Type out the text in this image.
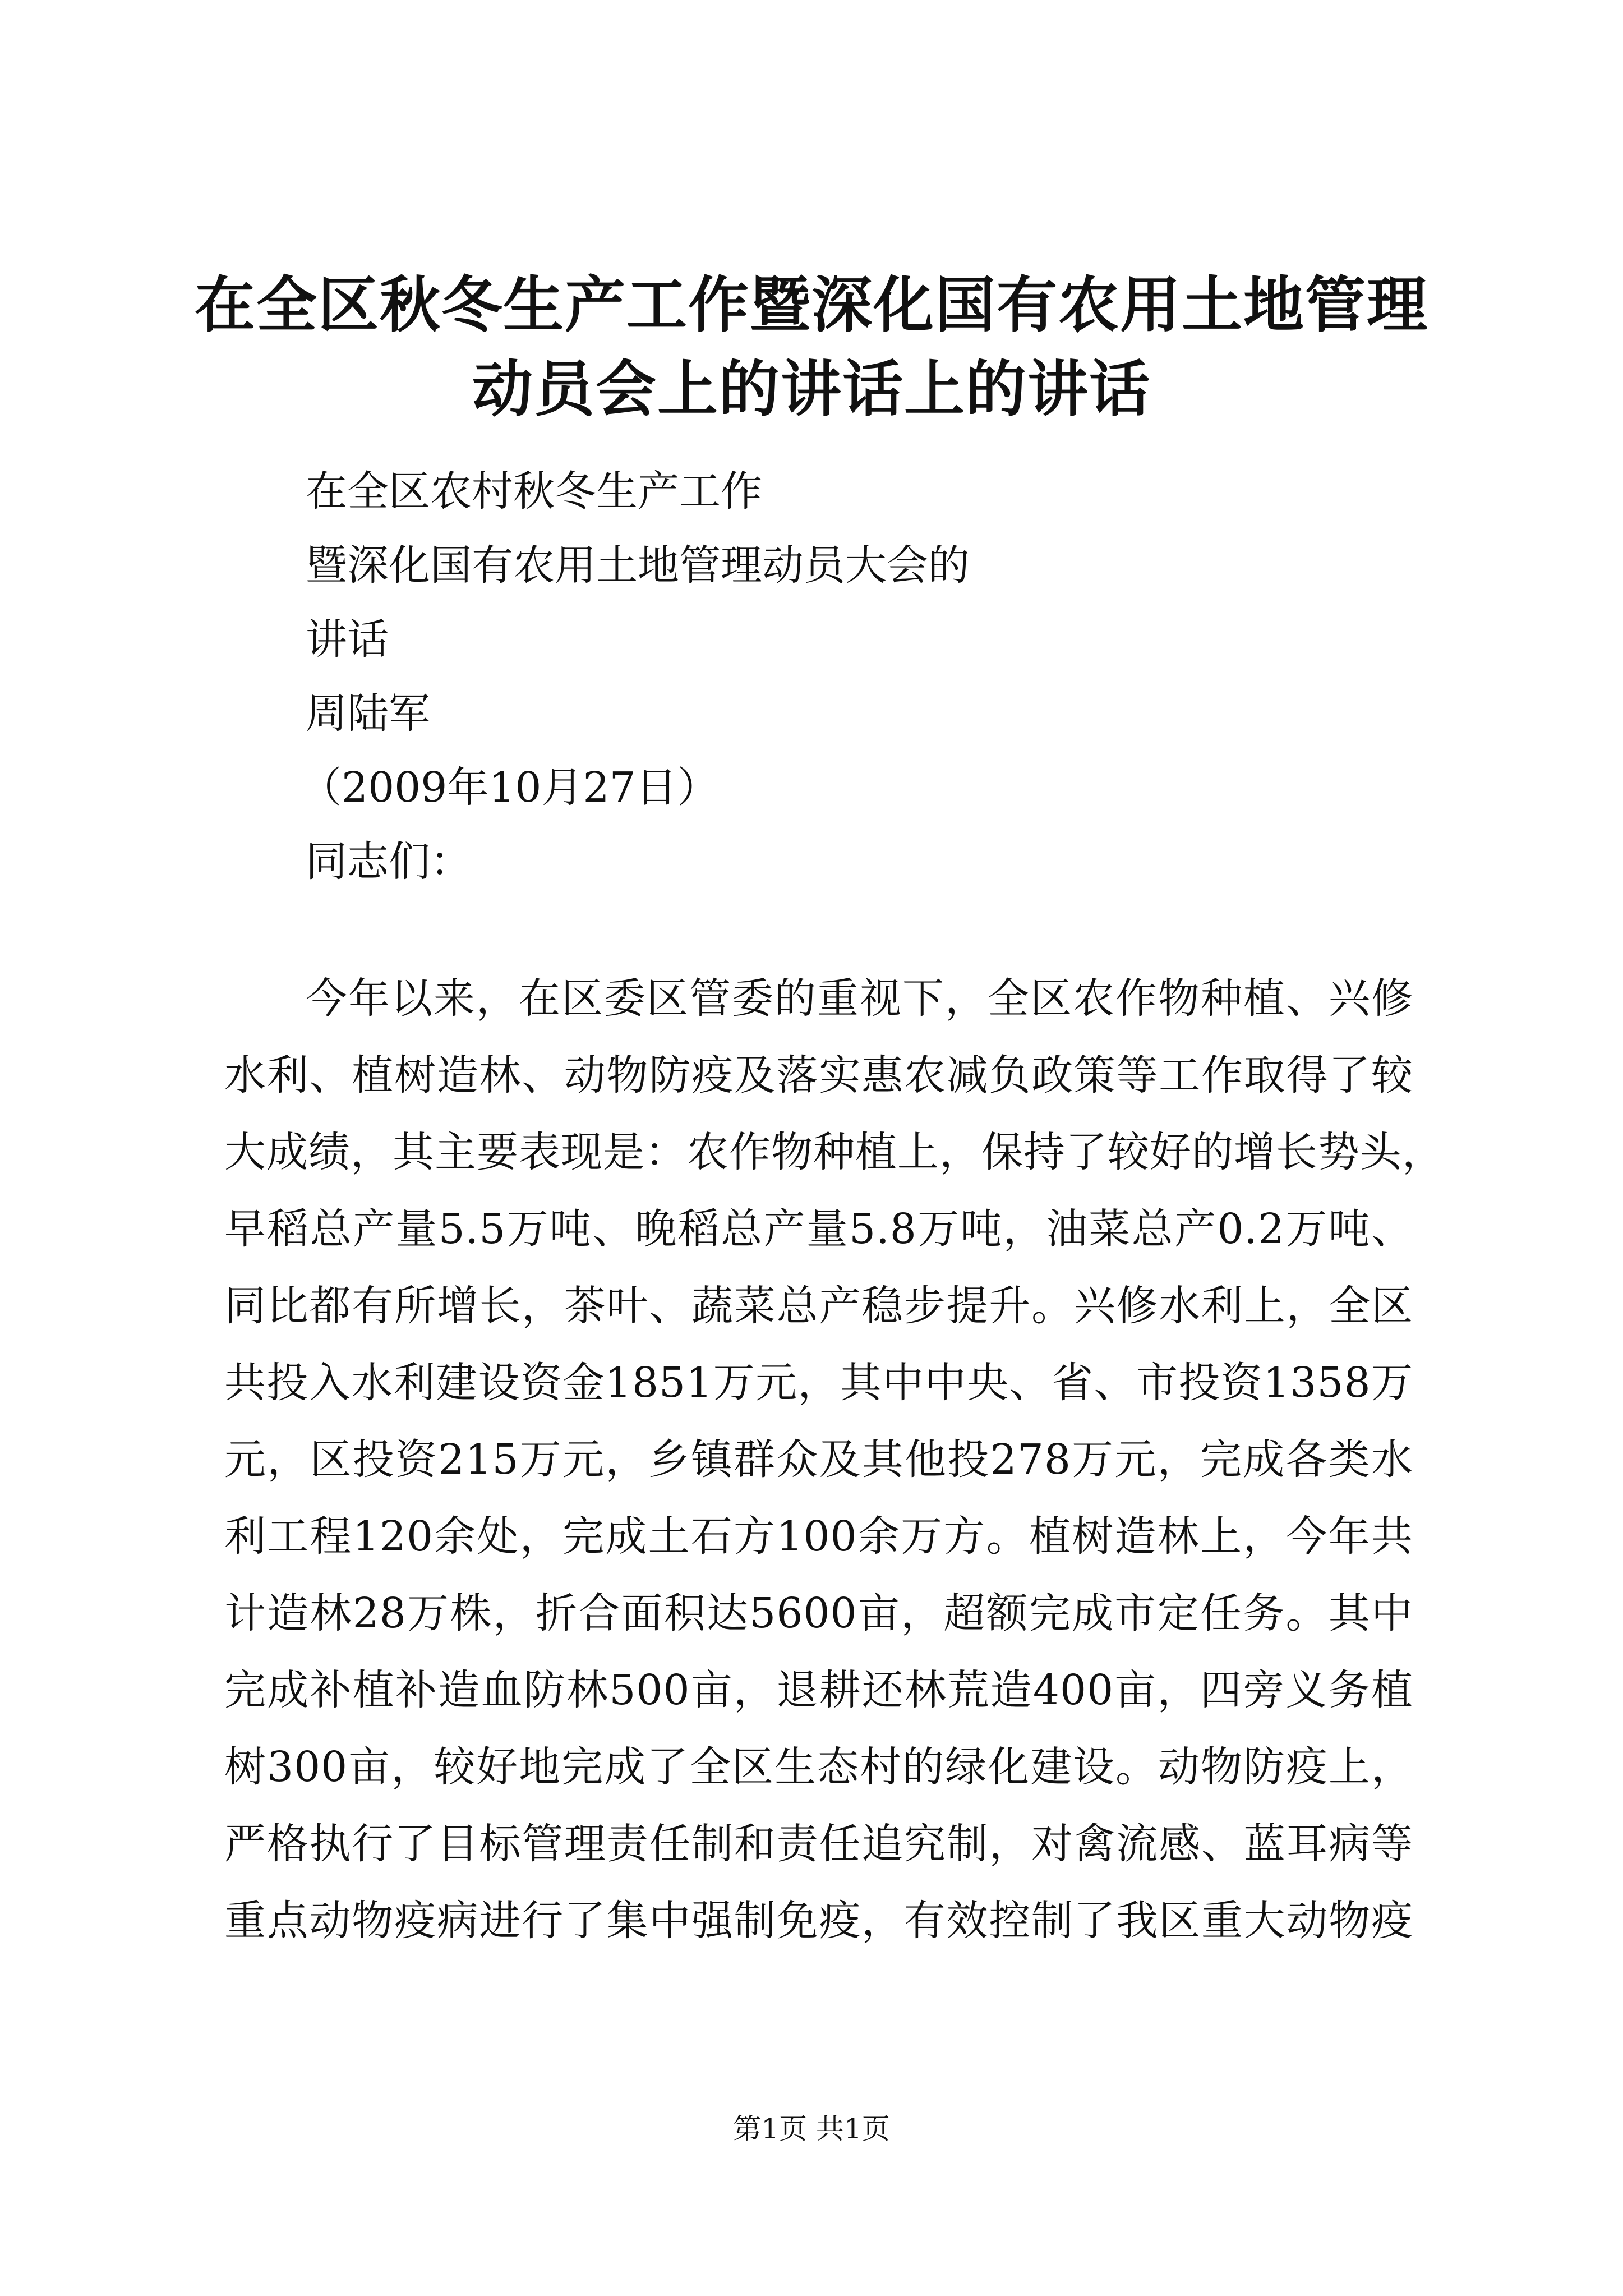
在全区秋冬生产工作暨深化国有农用土地管理
动员会上的讲话上的讲话
在全区农村秋冬生产工作
暨深化国有农用土地管理动员大会的
讲话
周陆军
（2009年10月27日）
同志们：
今年以来，在区委区管委的重视下，全区农作物种植、兴修
水利、植树造林、动物防疫及落实惠农减负政策等工作取得了较
大成绩，其主要表现是：农作物种植上，保持了较好的增长势头，
早稻总产量5.5万吨、晚稻总产量5.8万吨，油菜总产0.2万吨、
同比都有所增长，茶叶、蔬菜总产稳步提升。兴修水利上，全区
共投入水利建设资金1851万元，其中中央、省、市投资1358万
元，区投资215万元，乡镇群众及其他投278万元，完成各类水
利工程120余处，完成土石方100余万方。植树造林上，今年共
计造林28万株，折合面积达5600亩，超额完成市定任务。其中
完成补植补造血防林500亩，退耕还林荒造400亩，四旁义务植
树300亩，较好地完成了全区生态村的绿化建设。动物防疫上，
严格执行了目标管理责任制和责任追究制，对禽流感、蓝耳病等
重点动物疫病进行了集中强制免疫，有效控制了我区重大动物疫
第1页 共1页
